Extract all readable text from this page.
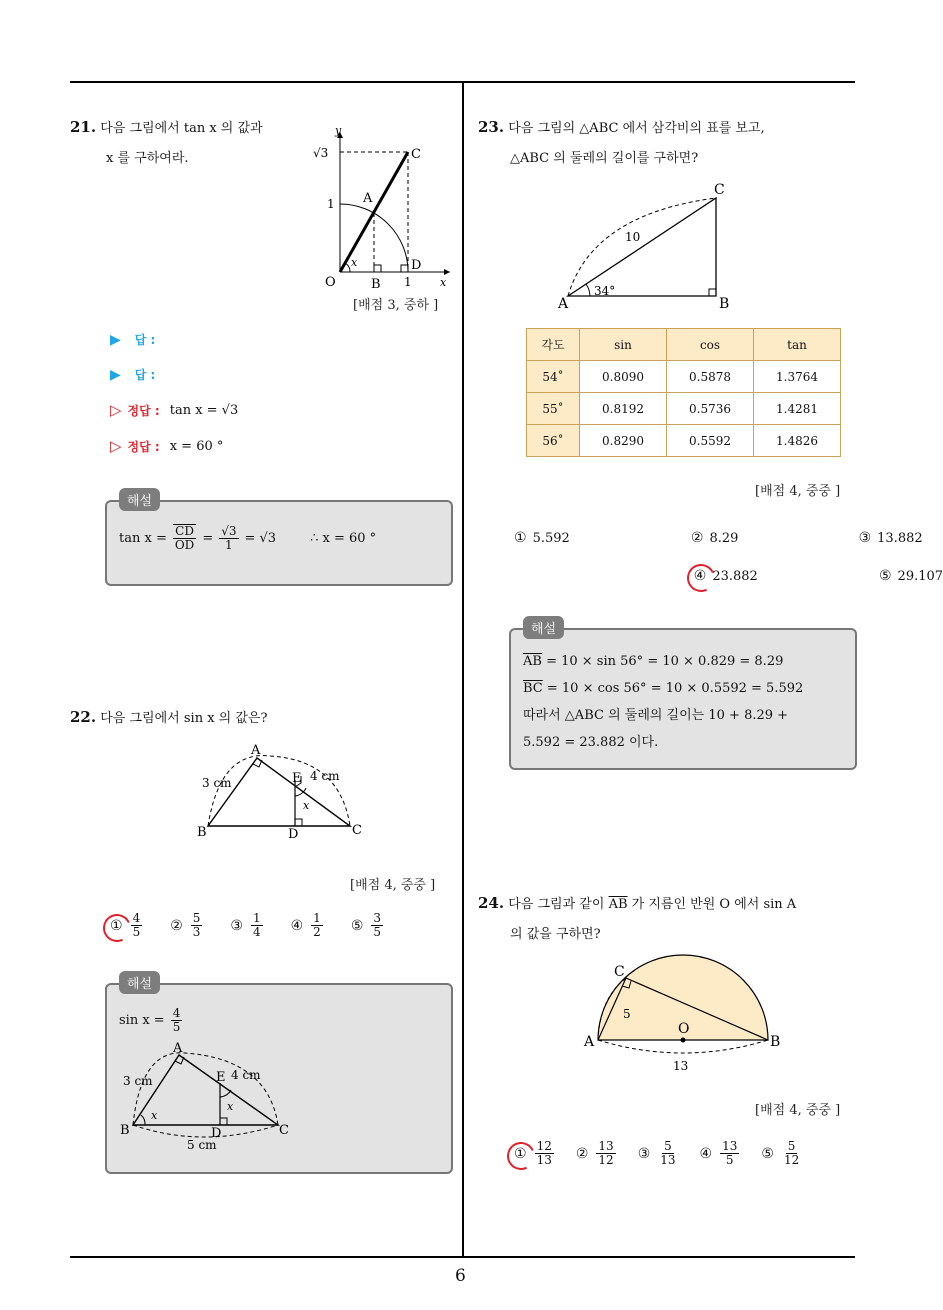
6
21. 다음 그림에서 tan x 의 값과
x 를 구하여라.
y
x
√3
1
C
A
D
B
O	1
x
[배점 3, 중하 ]
▶ 답 :
▶ 답 :
▷ 정답 : tan x = √3
▷ 정답 : x = 60 °
$\tan x = \frac{CD}{OD} = \frac{√3}{1} = √3$	∴ x = 60 °
해설
22. 다음 그림에서 sin x 의 값은?
A
B	C
D
E
3 cm	4 cm
x
[배점 4, 중중 ]
① $\frac{4}{5}$ ② $\frac{5}{3}$ ③ $\frac{1}{4}$ ④ $\frac{1}{2}$ ⑤ $\frac{3}{5}$
$\sin x = \frac{4}{5}$
A
B	C
D
E
3 cm	4 cm
5 cm
x
x
해설
23. 다음 그림의 △ABC 에서 삼각비의 표를 보고,
△ABC 의 둘레의 길이를 구하면?
C
A	B
10
34°
각도	sin	cos	tan
54˚	0.8090	0.5878	1.3764
55˚	0.8192	0.5736	1.4281
56˚	0.8290	0.5592	1.4826
[배점 4, 중중 ]
① 5.592
	② 8.29
	③ 13.882

④ 23.882
	⑤ 29.107
$\overline{AB} = 10 \times \sin 56^\circ = 10 \times 0.829 = 8.29$
$\overline{BC} = 10 \times \cos 56^\circ = 10 \times 0.5592 = 5.592$
따라서 △ABC 의 둘레의 길이는 10 + 8.29 +
5.592 = 23.882 이다.
해설
24. 다음 그림과 같이 $\overline{AB}$ 가 지름인 반원 O 에서 sin A
의 값을 구하면?
C
A	B
O
5
13
[배점 4, 중중 ]
① $\frac{12}{13}$ ② $\frac{13}{12}$ ③ $\frac{5}{13}$ ④ $\frac{13}{5}$ ⑤ $\frac{5}{12}$
